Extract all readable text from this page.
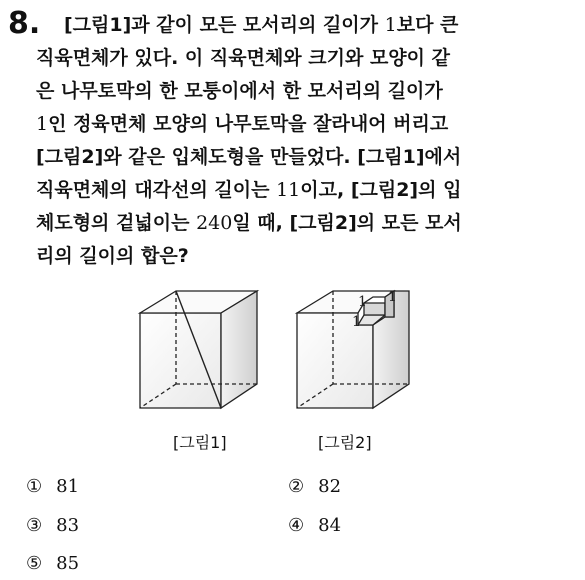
8. [그림1]과 같이 모든 모서리의 길이가 1보다 큰
직육면체가 있다. 이 직육면체와 크기와 모양이 같
은 나무토막의 한 모퉁이에서 한 모서리의 길이가
1인 정육면체 모양의 나무토막을 잘라내어 버리고
[그림2]와 같은 입체도형을 만들었다. [그림1]에서
직육면체의 대각선의 길이는 11이고, [그림2]의 입
체도형의 겉넓이는 240일 때, [그림2]의 모든 모서
리의 길이의 합은?
1 1
1
[그림1]	[그림2]
① 81	② 82
③ 83	④ 84
⑤ 85
